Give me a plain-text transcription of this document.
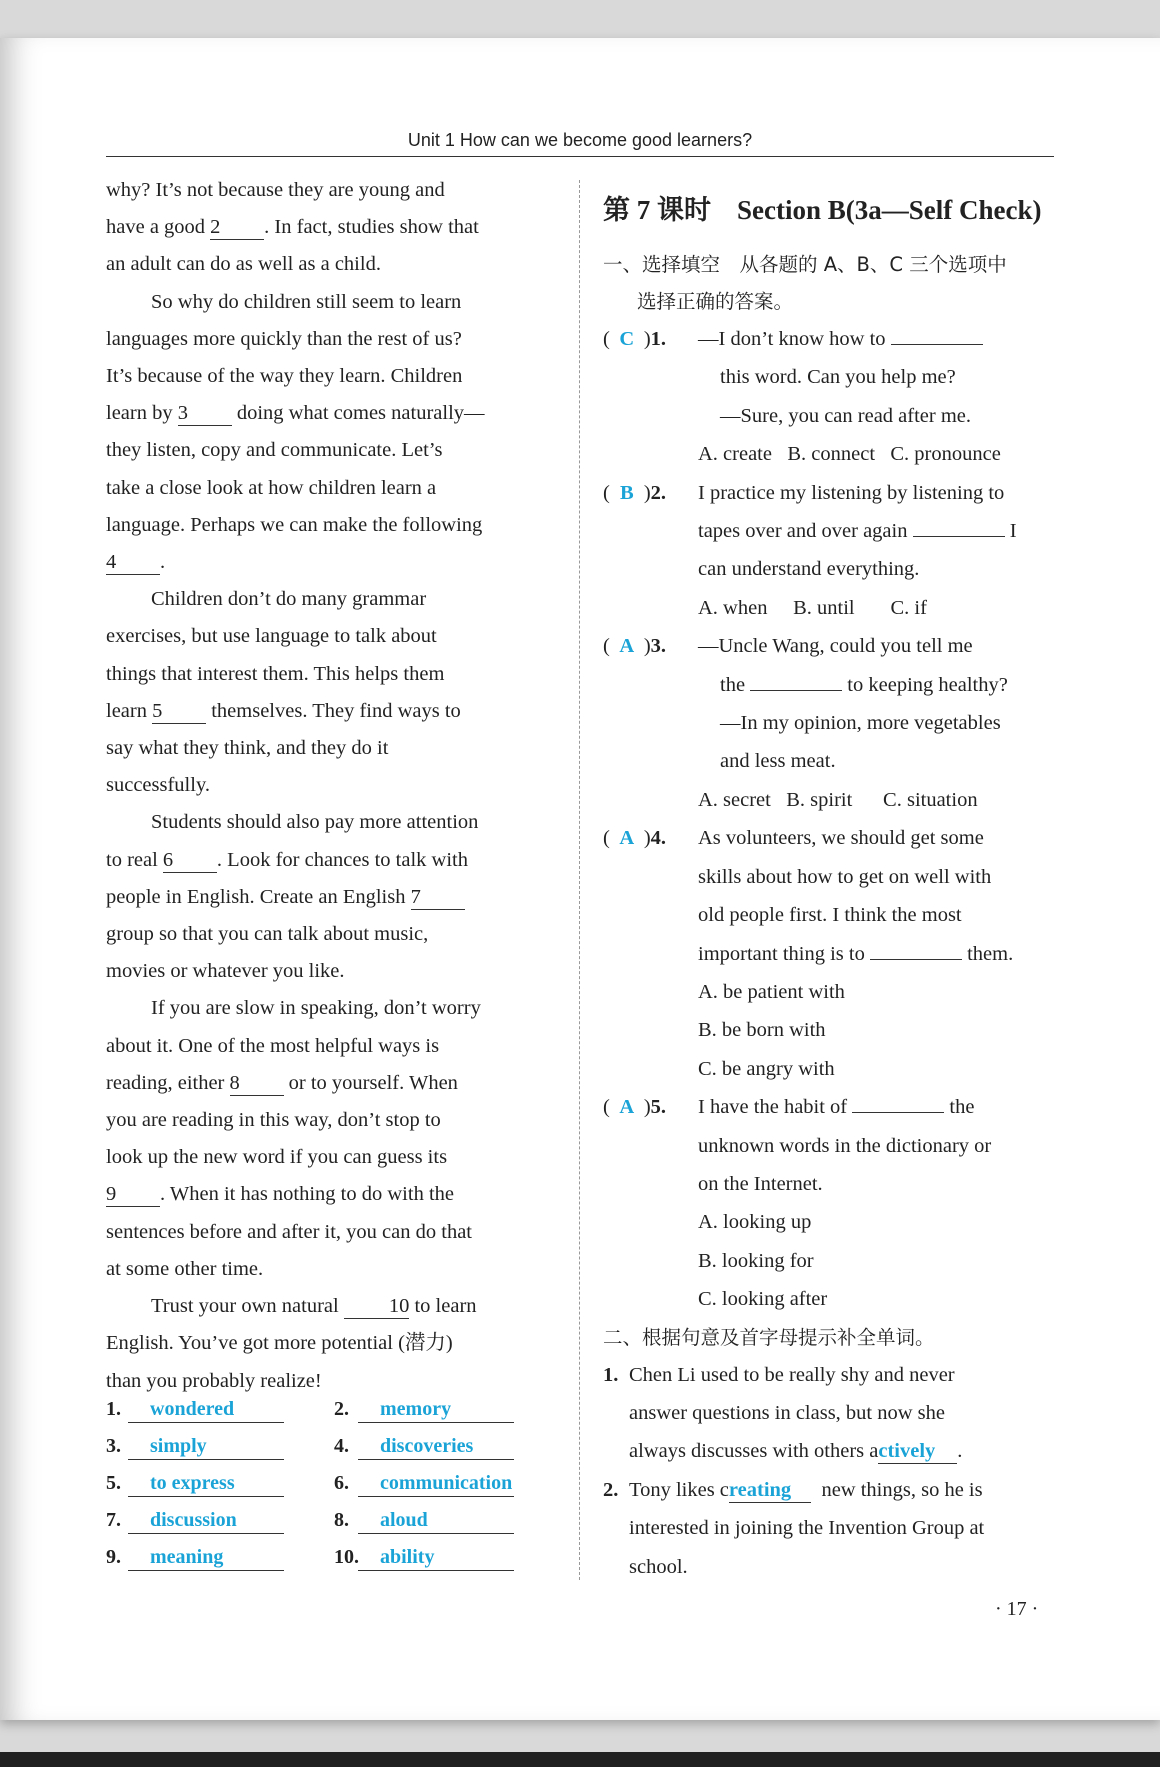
Unit 1 How can we become good learners?

why? It’s not because they are young and

have a good 2 . In fact, studies show that

an adult can do as well as a child.

So why do children still seem to learn

languages more quickly than the rest of us?

It’s because of the way they learn. Children

learn by 3 doing what comes naturally—

they listen, copy and communicate. Let’s

take a close look at how children learn a

language. Perhaps we can make the following

4 .

Children don’t do many grammar

exercises, but use language to talk about

things that interest them. This helps them

learn 5 themselves. They find ways to

say what they think, and they do it

successfully.

Students should also pay more attention

to real 6 . Look for chances to talk with

people in English. Create an English 7

group so that you can talk about music,

movies or whatever you like.

If you are slow in speaking, don’t worry

about it. One of the most helpful ways is

reading, either 8 or to yourself. When

you are reading in this way, don’t stop to

look up the new word if you can guess its

9 . When it has nothing to do with the

sentences before and after it, you can do that

at some other time.

Trust your own natural 10 to learn

English. You’ve got more potential (潜力)

than you probably realize!

1. wondered	2. memory
3. simply	4. discoveries
5. to express	6. communication
7. discussion	8. aloud
9. meaning	10. ability
第 7 课时 Section B(3a—Self Check)
一、选择填空　从各题的 A、B、C 三个选项中
选择正确的答案。
( C )1. —I don’t know how to
this word. Can you help me?
—Sure, you can read after me.
A. create   B. connect   C. pronounce
( B )2. I practice my listening by listening to
tapes over and over again	I
can understand everything.
A. when     B. until       C. if
( A )3. —Uncle Wang, could you tell me
the	to keeping healthy?
—In my opinion, more vegetables
and less meat.
A. secret   B. spirit      C. situation
( A )4. As volunteers, we should get some
skills about how to get on well with
old people first. I think the most
important thing is to	them.
A. be patient with
B. be born with
C. be angry with
( A )5. I have the habit of	the
unknown words in the dictionary or
on the Internet.
A. looking up
B. looking for
C. looking after
二、根据句意及首字母提示补全单词。
1. Chen Li used to be really shy and never
answer questions in class, but now she
always discusses with others actively .
2. Tony likes creating new things, so he is
interested in joining the Invention Group at
school.
· 17 ·
